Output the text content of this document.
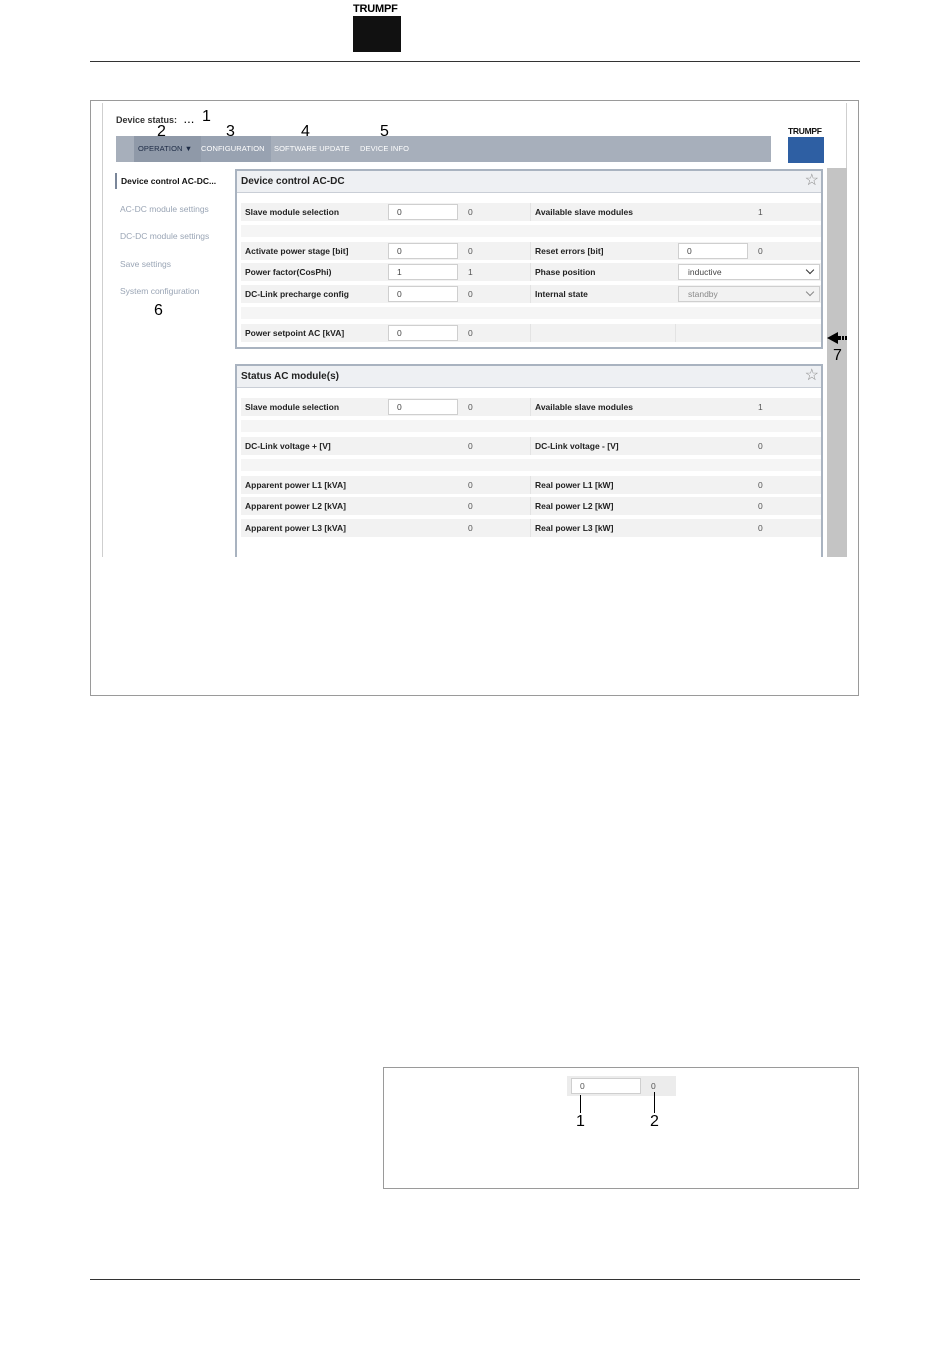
TRUMPF
Device status: ... 1
OPERATION ▼	CONFIGURATION	SOFTWARE UPDATE DEVICE INFO
2	3	4	5	TRUMPF
Device control AC-DC...
AC-DC module settings
DC-DC module settings
Save settings
System configuration
6
Device control AC-DC	☆
Slave module selection	0	0	Available slave modules	1
Activate power stage [bit]	0	0	Reset errors [bit]	0	0
Power factor(CosPhi)	1	1	Phase position	inductive
DC-Link precharge config	0	0	Internal state	standby
Power setpoint AC [kVA]	0	0
7
Status AC module(s)	☆
Slave module selection	0	0	Available slave modules	1
DC-Link voltage + [V]	0	DC-Link voltage - [V]	0
Apparent power L1 [kVA]	0	Real power L1 [kW]	0
Apparent power L2 [kVA]	0	Real power L2 [kW]	0
Apparent power L3 [kVA]	0	Real power L3 [kW]	0
0	0
1	2
